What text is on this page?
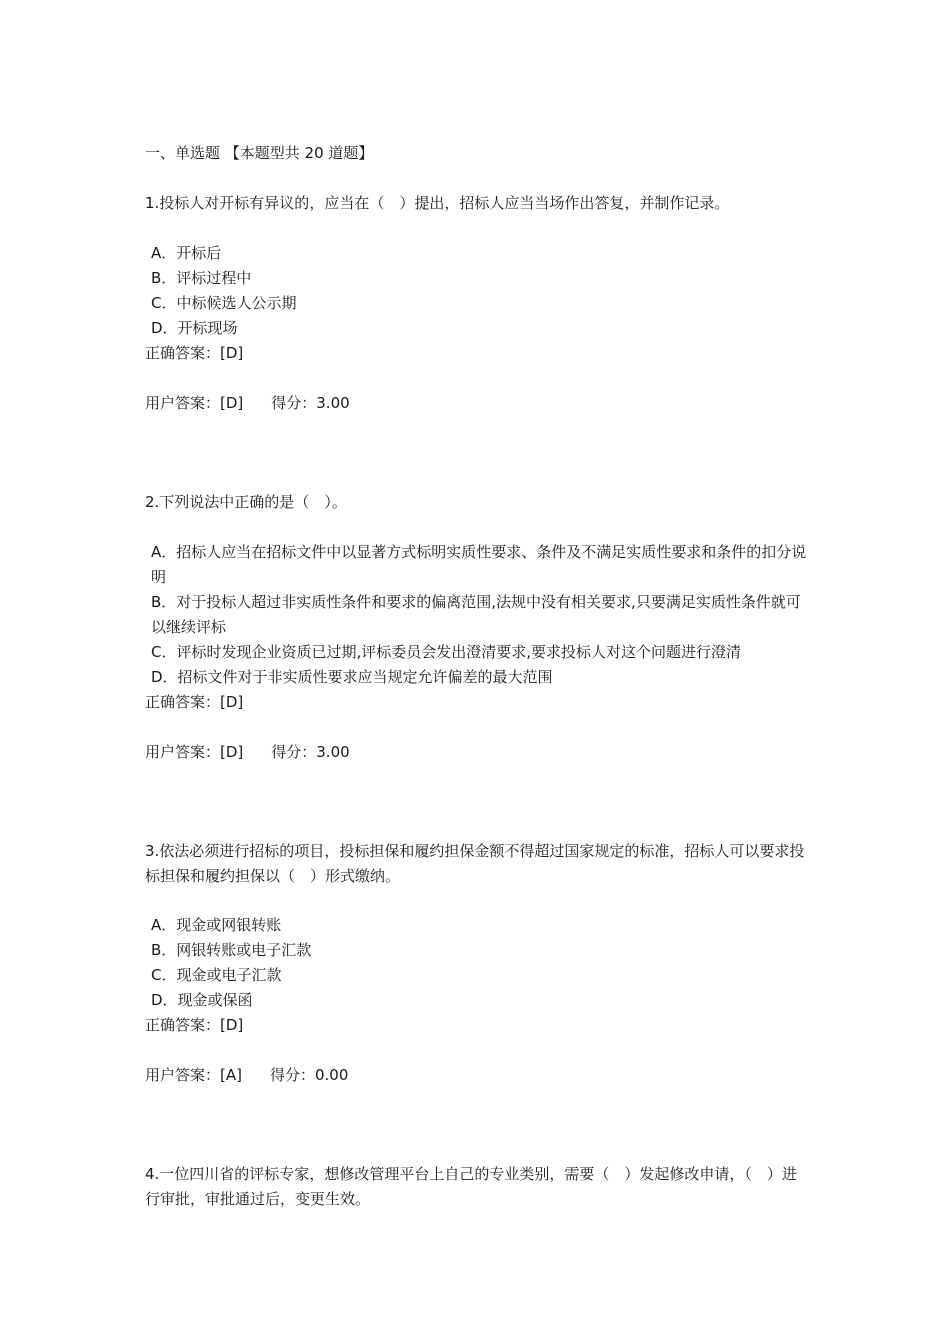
一、单选题 【本题型共 20 道题】
1.投标人对开标有异议的，应当在（　）提出，招标人应当当场作出答复，并制作记录。
A．开标后
B．评标过程中
C．中标候选人公示期
D．开标现场
正确答案：[D]
用户答案：[D] 得分：3.00
2.下列说法中正确的是（　）。
A．招标人应当在招标文件中以显著方式标明实质性要求、条件及不满足实质性要求和条件的扣分说明
B．对于投标人超过非实质性条件和要求的偏离范围,法规中没有相关要求,只要满足实质性条件就可以继续评标
C．评标时发现企业资质已过期,评标委员会发出澄清要求,要求投标人对这个问题进行澄清
D．招标文件对于非实质性要求应当规定允许偏差的最大范围
正确答案：[D]
用户答案：[D] 得分：3.00
3.依法必须进行招标的项目，投标担保和履约担保金额不得超过国家规定的标准，招标人可以要求投标担保和履约担保以（　）形式缴纳。
A．现金或网银转账
B．网银转账或电子汇款
C．现金或电子汇款
D．现金或保函
正确答案：[D]
用户答案：[A] 得分：0.00
4.一位四川省的评标专家，想修改管理平台上自己的专业类别，需要（　）发起修改申请，（　）进行审批，审批通过后，变更生效。
